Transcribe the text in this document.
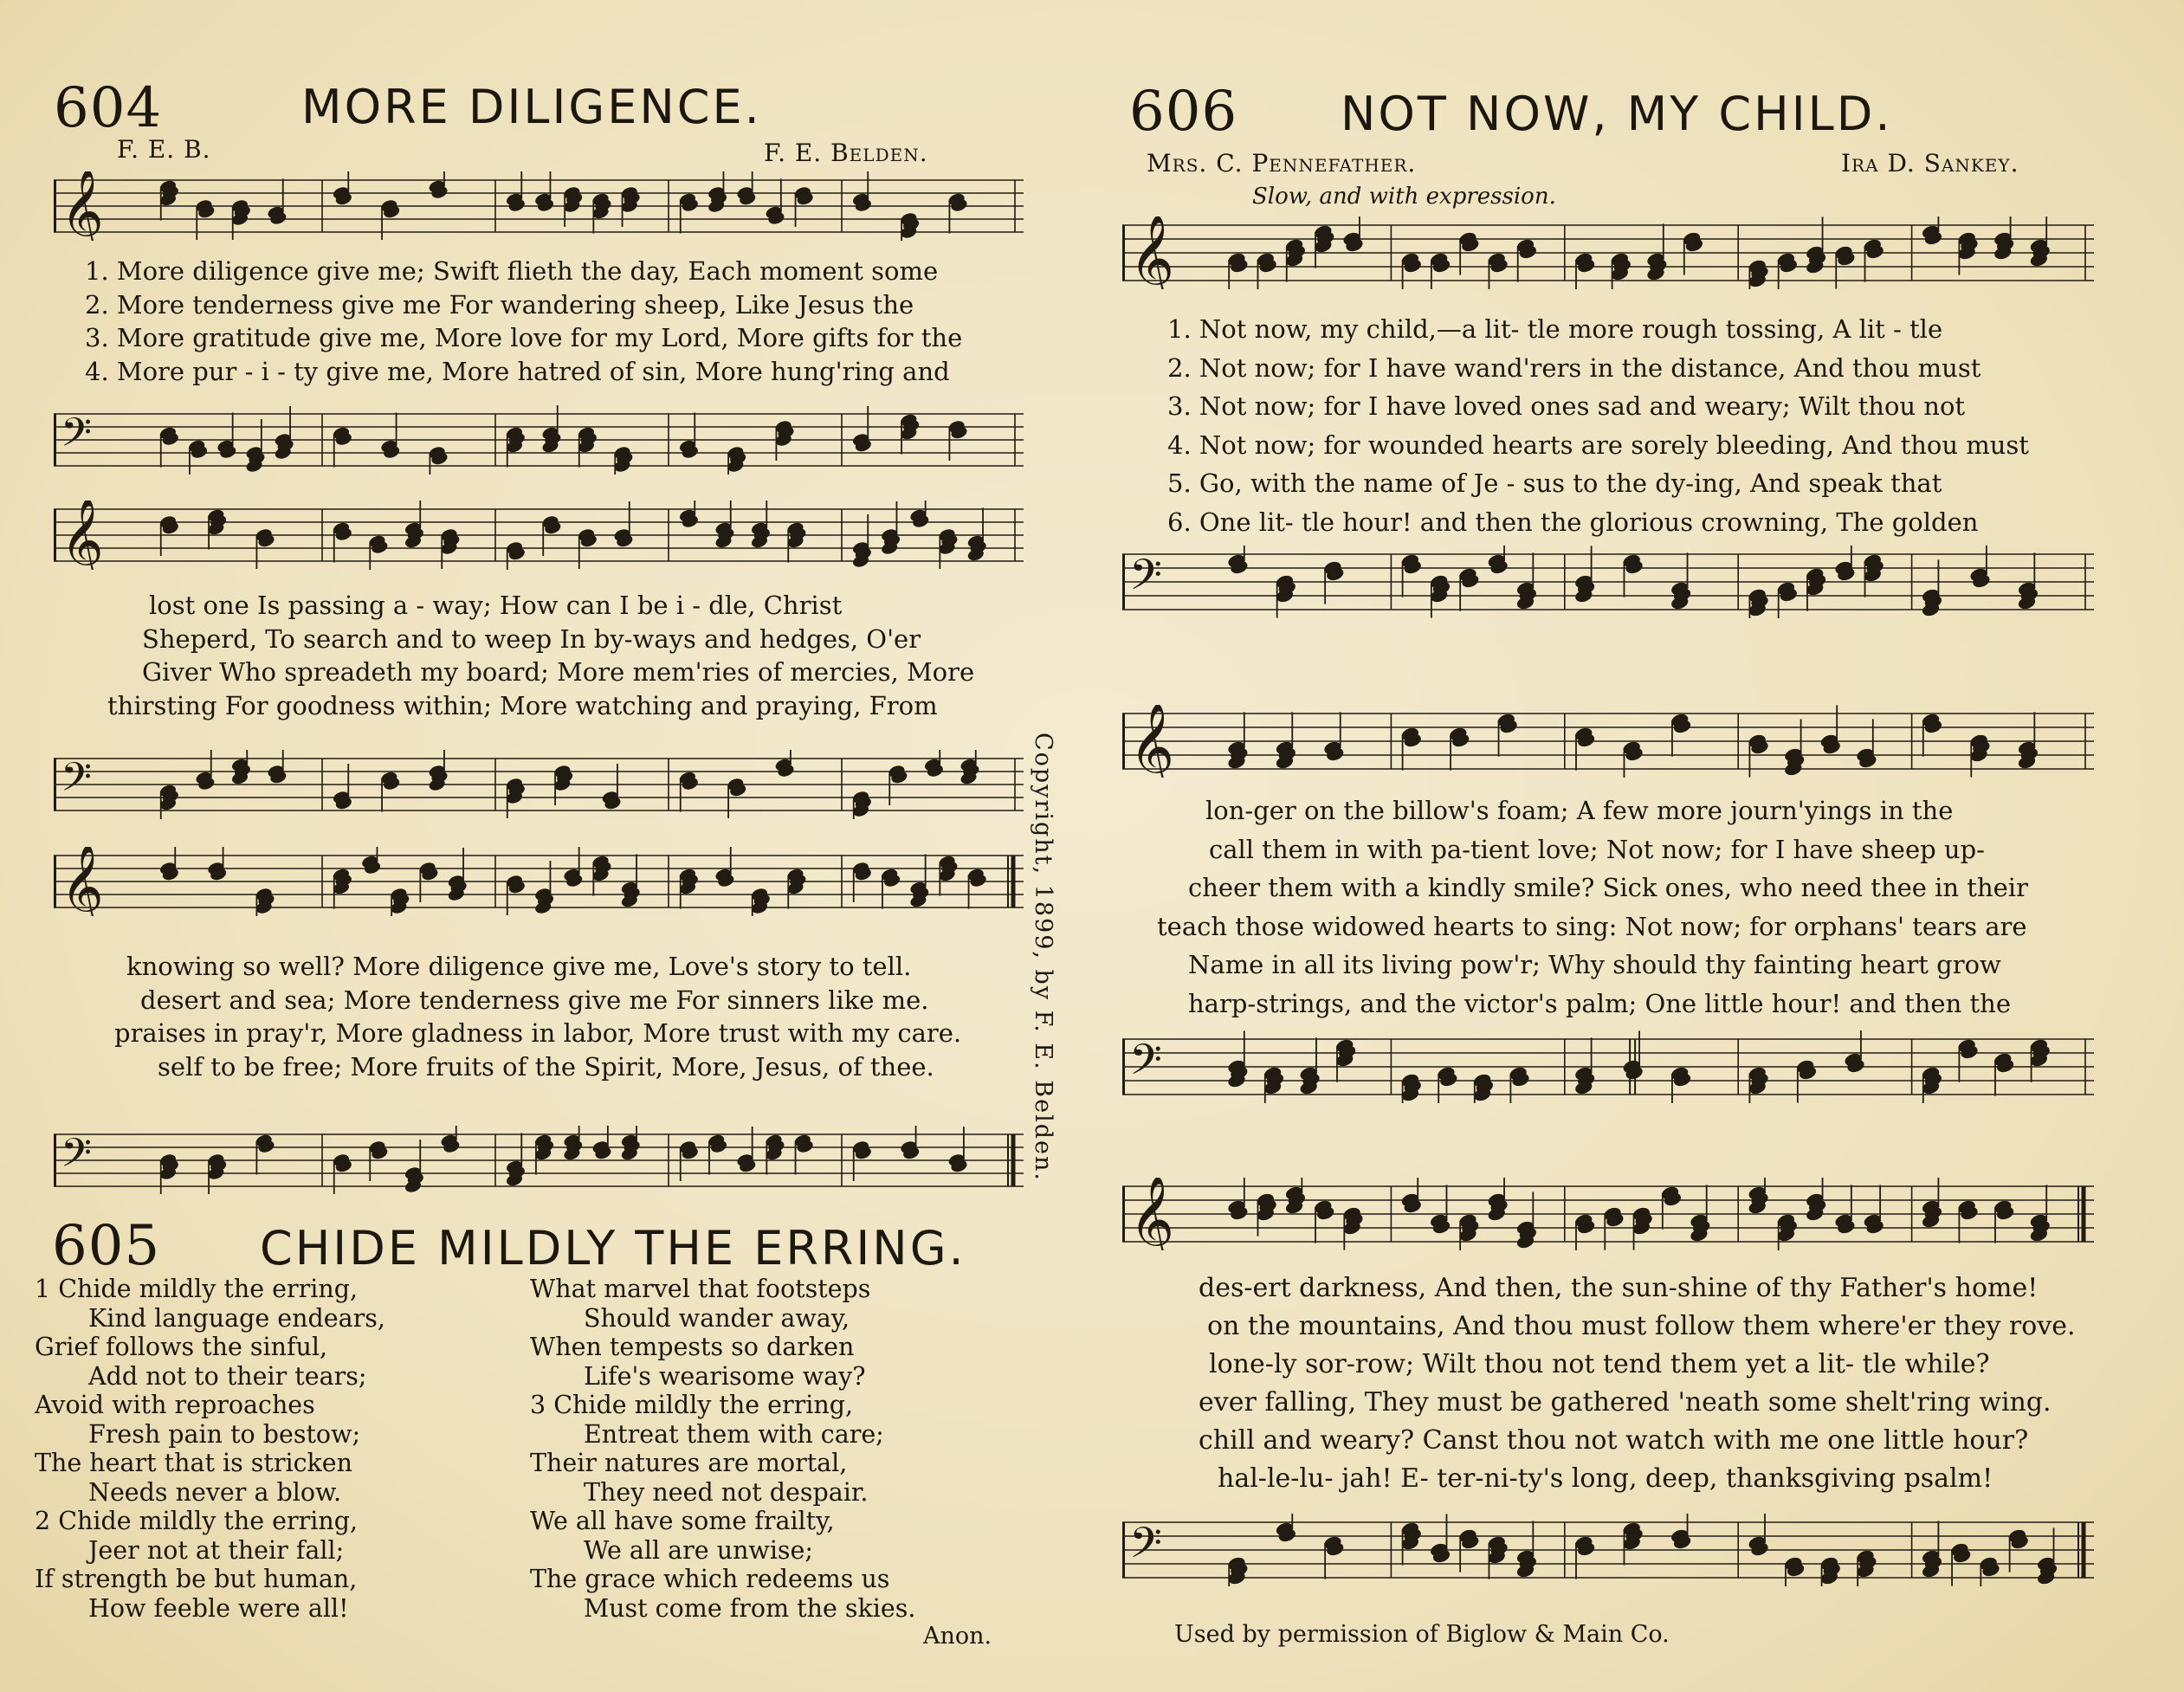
604	MORE DILIGENCE.
F. E. B.	F. E. Belden.
𝄞
1. More diligence give me; Swift flieth the day, Each moment some
2. More tenderness give me For wandering sheep, Like Jesus the
3. More gratitude give me, More love for my Lord, More gifts for the
4. More pur - i - ty give me, More hatred of sin, More hung'ring and
𝄢
𝄞
lost one Is passing a - way; How can I be i - dle, Christ
Sheperd, To search and to weep In by-ways and hedges, O'er
Giver Who spreadeth my board; More mem'ries of mercies, More
thirsting For goodness within; More watching and praying, From
𝄢
𝄞
knowing so well? More diligence give me, Love's story to tell.
desert and sea; More tenderness give me For sinners like me.
praises in pray'r, More gladness in labor, More trust with my care.
self to be free; More fruits of the Spirit, More, Jesus, of thee.
𝄢	Copyright, 1899, by F. E. Belden.
605 CHIDE MILDLY THE ERRING.
1 Chide mildly the erring,
Kind language endears,
Grief follows the sinful,
Add not to their tears;
Avoid with reproaches
Fresh pain to bestow;
The heart that is stricken
Needs never a blow.
2 Chide mildly the erring,
Jeer not at their fall;
If strength be but human,
How feeble were all!
What marvel that footsteps
Should wander away,
When tempests so darken
Life's wearisome way?
3 Chide mildly the erring,
Entreat them with care;
Their natures are mortal,
They need not despair.
We all have some frailty,
We all are unwise;
The grace which redeems us
Must come from the skies.
Anon.
606 NOT NOW, MY CHILD.
Mrs. C. Pennefather.	Ira D. Sankey.
Slow, and with expression.
𝄞
1. Not now, my child,—a lit- tle more rough tossing, A lit - tle
2. Not now; for I have wand'rers in the distance, And thou must
3. Not now; for I have loved ones sad and weary; Wilt thou not
4. Not now; for wounded hearts are sorely bleeding, And thou must
5. Go, with the name of Je - sus to the dy-ing, And speak that
6. One lit- tle hour! and then the glorious crowning, The golden
𝄢
𝄞
lon-ger on the billow's foam; A few more journ'yings in the
call them in with pa-tient love; Not now; for I have sheep up-
cheer them with a kindly smile? Sick ones, who need thee in their
teach those widowed hearts to sing: Not now; for orphans' tears are
Name in all its living pow'r; Why should thy fainting heart grow
harp-strings, and the victor's palm; One little hour! and then the
𝄢
𝄞
des-ert darkness, And then, the sun-shine of thy Father's home!
on the mountains, And thou must follow them where'er they rove.
lone-ly sor-row; Wilt thou not tend them yet a lit- tle while?
ever falling, They must be gathered 'neath some shelt'ring wing.
chill and weary? Canst thou not watch with me one little hour?
hal-le-lu- jah! E- ter-ni-ty's long, deep, thanksgiving psalm!
𝄢
Used by permission of Biglow & Main Co.
